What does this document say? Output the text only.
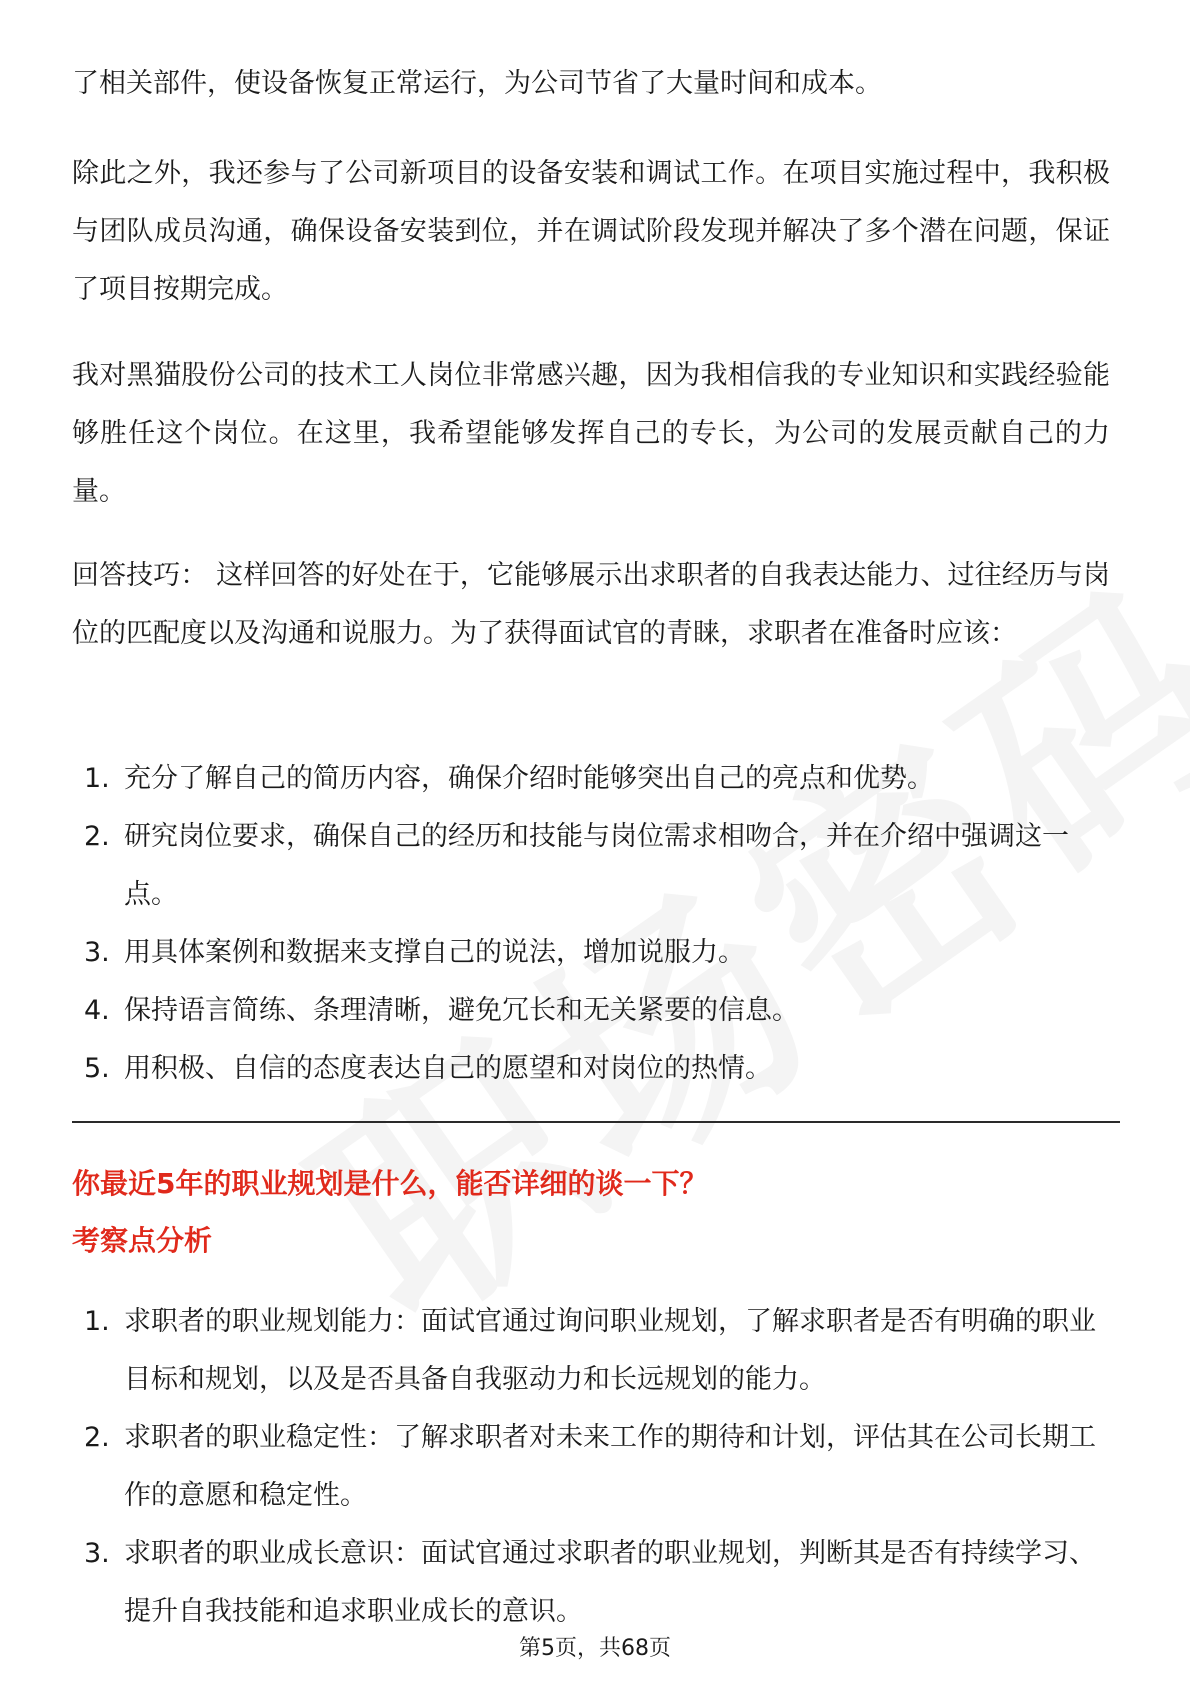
了相关部件，使设备恢复正常运行，为公司节省了大量时间和成本。

除此之外，我还参与了公司新项目的设备安装和调试工作。在项目实施过程中，我积极与团队成员沟通，确保设备安装到位，并在调试阶段发现并解决了多个潜在问题，保证了项目按期完成。

我对黑猫股份公司的技术工人岗位非常感兴趣，因为我相信我的专业知识和实践经验能够胜任这个岗位。在这里，我希望能够发挥自己的专长，为公司的发展贡献自己的力量。

回答技巧： 这样回答的好处在于，它能够展示出求职者的自我表达能力、过往经历与岗位的匹配度以及沟通和说服力。为了获得面试官的青睐，求职者在准备时应该：

1. 充分了解自己的简历内容，确保介绍时能够突出自己的亮点和优势。
2. 研究岗位要求，确保自己的经历和技能与岗位需求相吻合，并在介绍中强调这一点。
3. 用具体案例和数据来支撑自己的说法，增加说服力。
4. 保持语言简练、条理清晰，避免冗长和无关紧要的信息。
5. 用积极、自信的态度表达自己的愿望和对岗位的热情。
你最近5年的职业规划是什么，能否详细的谈一下？
考察点分析
1. 求职者的职业规划能力：面试官通过询问职业规划，了解求职者是否有明确的职业目标和规划，以及是否具备自我驱动力和长远规划的能力。
2. 求职者的职业稳定性：了解求职者对未来工作的期待和计划，评估其在公司长期工作的意愿和稳定性。
3. 求职者的职业成长意识：面试官通过求职者的职业规划，判断其是否有持续学习、提升自我技能和追求职业成长的意识。
第5页，共68页
